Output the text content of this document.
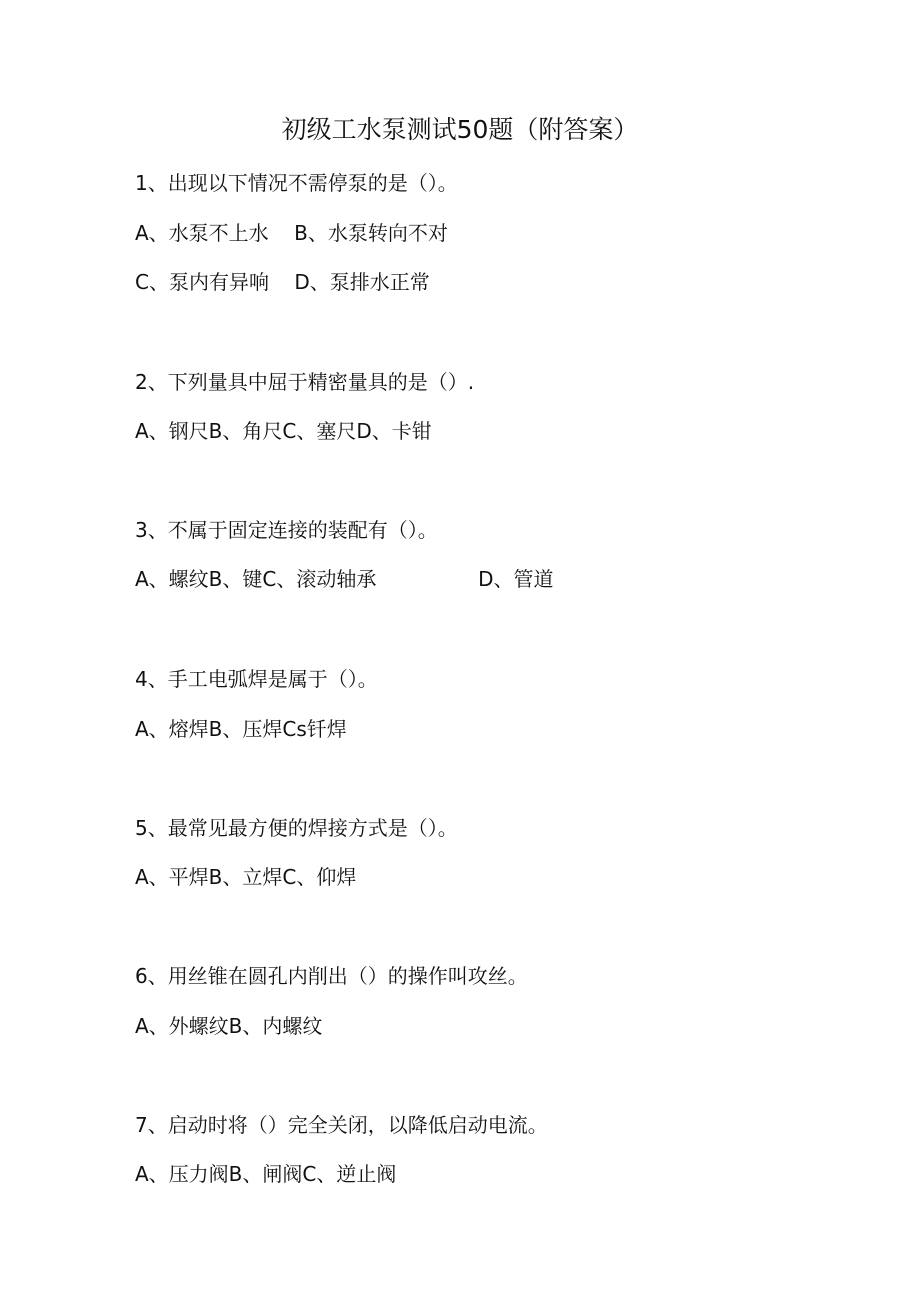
初级工水泵测试50题（附答案）
1、出现以下情况不需停泵的是（）。
A、水泵不上水    B、水泵转向不对
C、泵内有异响    D、泵排水正常
2、下列量具中屈于精密量具的是（）.
A、钢尺B、角尺C、塞尺D、卡钳
3、不属于固定连接的装配有（）。
A、螺纹B、键C、滚动轴承                D、管道
4、手工电弧焊是属于（）。
A、熔焊B、压焊Cs钎焊
5、最常见最方便的焊接方式是（）。
A、平焊B、立焊C、仰焊
6、用丝锥在圆孔内削出（）的操作叫攻丝。
A、外螺纹B、内螺纹
7、启动时将（）完全关闭，以降低启动电流。
A、压力阀B、闸阀C、逆止阀
